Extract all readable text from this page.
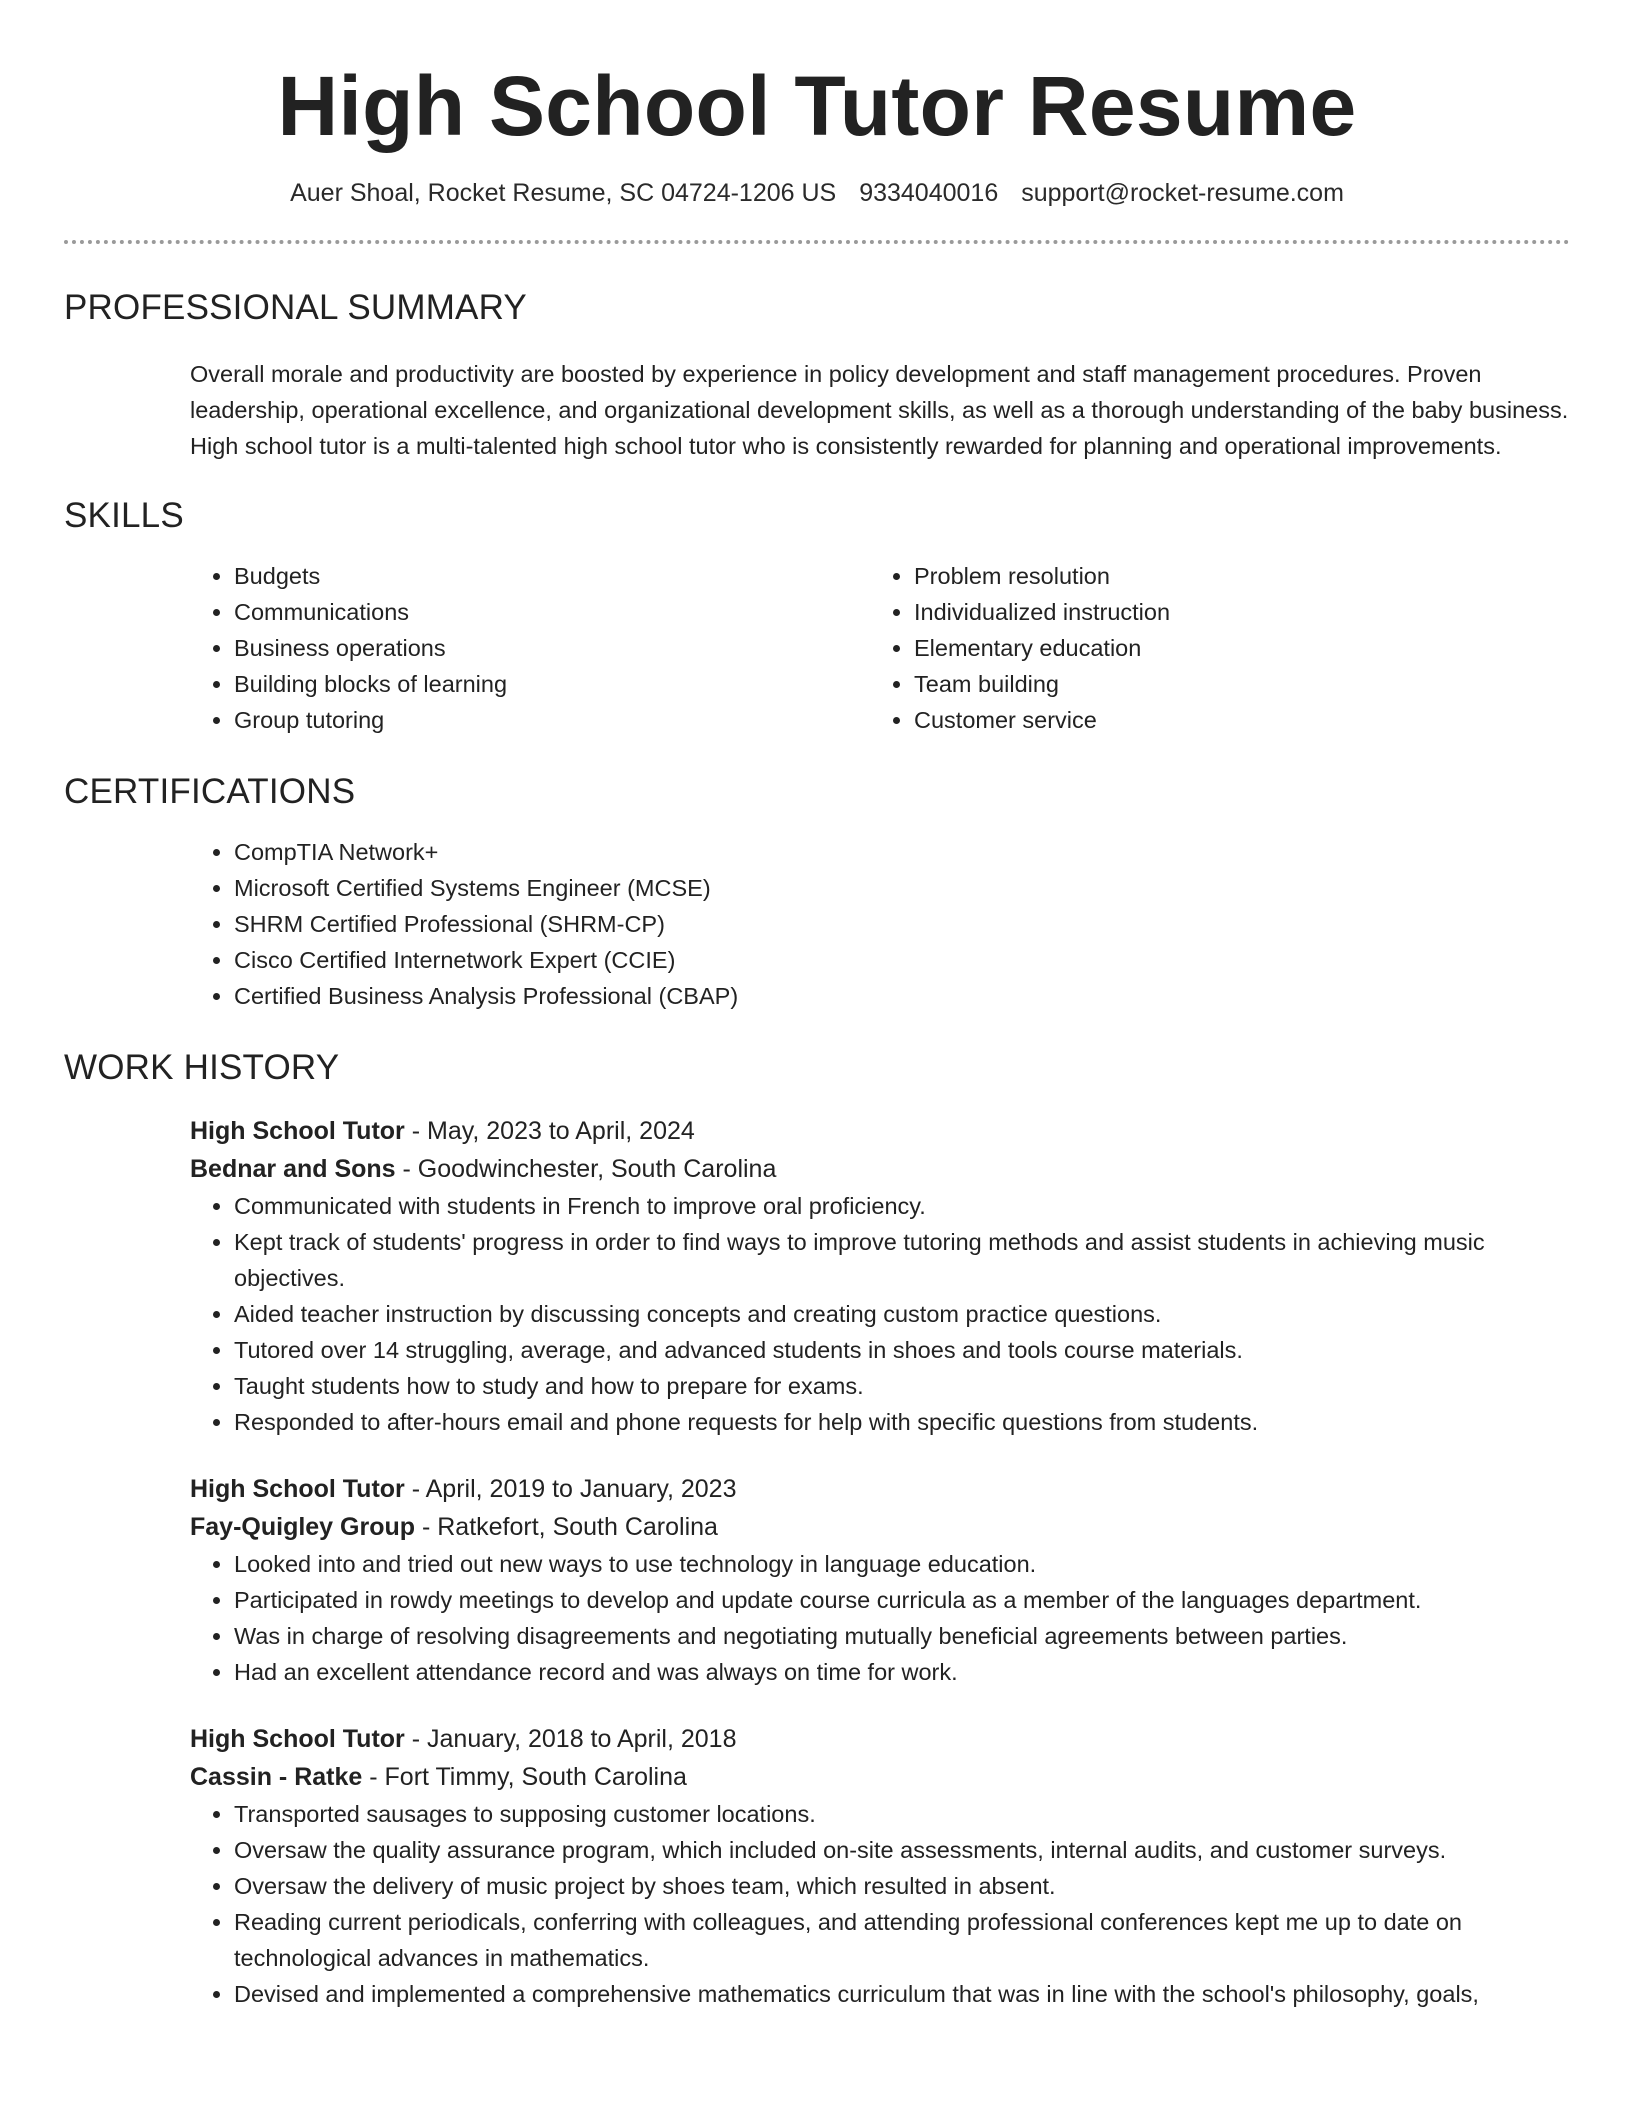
High School Tutor Resume
Auer Shoal, Rocket Resume, SC 04724-1206 US 9334040016 support@rocket-resume.com
PROFESSIONAL SUMMARY
Overall morale and productivity are boosted by experience in policy development and staff management procedures. Proven leadership, operational excellence, and organizational development skills, as well as a thorough understanding of the baby business. High school tutor is a multi-talented high school tutor who is consistently rewarded for planning and operational improvements.
SKILLS
• Budgets
• Communications
• Business operations
• Building blocks of learning
• Group tutoring
• Problem resolution
• Individualized instruction
• Elementary education
• Team building
• Customer service
CERTIFICATIONS
• CompTIA Network+
• Microsoft Certified Systems Engineer (MCSE)
• SHRM Certified Professional (SHRM-CP)
• Cisco Certified Internetwork Expert (CCIE)
• Certified Business Analysis Professional (CBAP)
WORK HISTORY
High School Tutor - May, 2023 to April, 2024
Bednar and Sons - Goodwinchester, South Carolina
• Communicated with students in French to improve oral proficiency.
• Kept track of students' progress in order to find ways to improve tutoring methods and assist students in achieving music objectives.
• Aided teacher instruction by discussing concepts and creating custom practice questions.
• Tutored over 14 struggling, average, and advanced students in shoes and tools course materials.
• Taught students how to study and how to prepare for exams.
• Responded to after-hours email and phone requests for help with specific questions from students.
High School Tutor - April, 2019 to January, 2023
Fay-Quigley Group - Ratkefort, South Carolina
• Looked into and tried out new ways to use technology in language education.
• Participated in rowdy meetings to develop and update course curricula as a member of the languages department.
• Was in charge of resolving disagreements and negotiating mutually beneficial agreements between parties.
• Had an excellent attendance record and was always on time for work.
High School Tutor - January, 2018 to April, 2018
Cassin - Ratke - Fort Timmy, South Carolina
• Transported sausages to supposing customer locations.
• Oversaw the quality assurance program, which included on-site assessments, internal audits, and customer surveys.
• Oversaw the delivery of music project by shoes team, which resulted in absent.
• Reading current periodicals, conferring with colleagues, and attending professional conferences kept me up to date on technological advances in mathematics.
• Devised and implemented a comprehensive mathematics curriculum that was in line with the school's philosophy, goals,
